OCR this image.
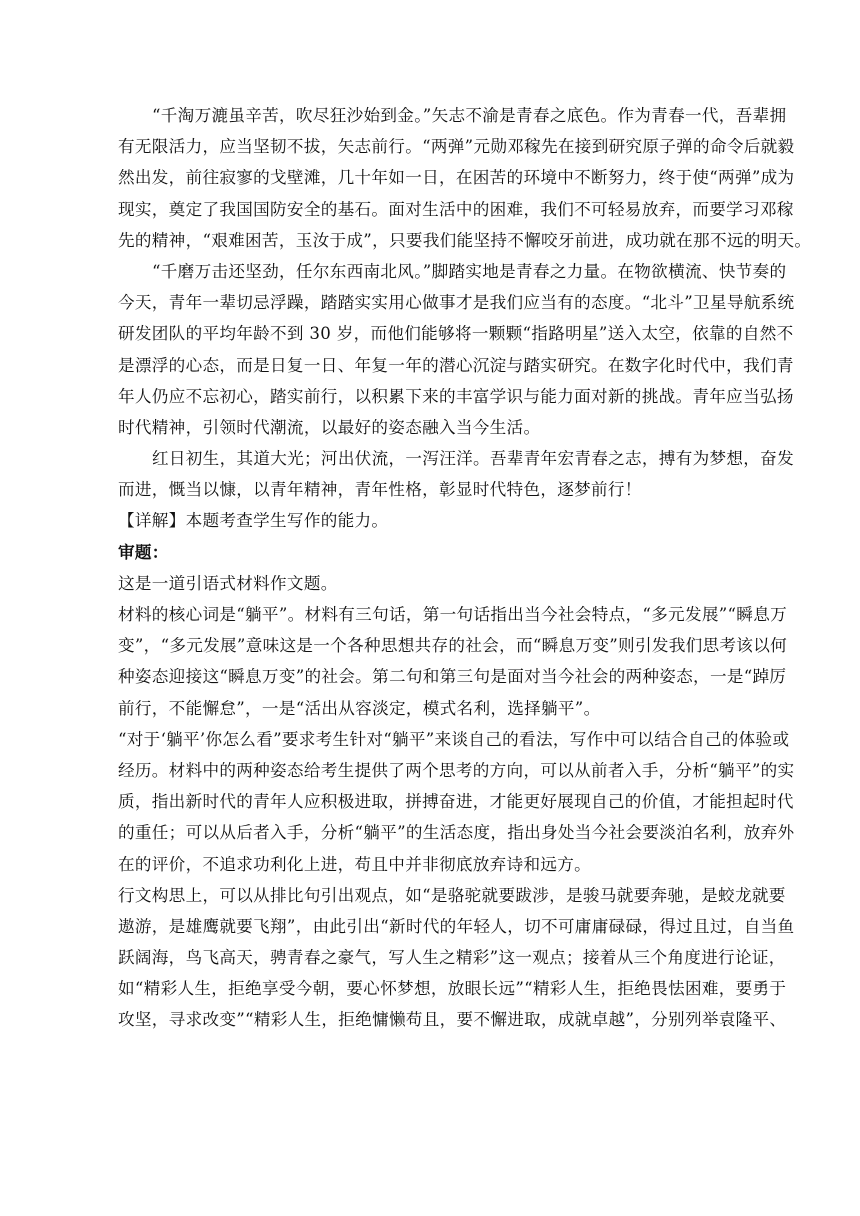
“千淘万漉虽辛苦，吹尽狂沙始到金。”矢志不渝是青春之底色。作为青春一代，吾辈拥
有无限活力，应当坚韧不拔，矢志前行。“两弹”元勋邓稼先在接到研究原子弹的命令后就毅
然出发，前往寂寥的戈壁滩，几十年如一日，在困苦的环境中不断努力，终于使“两弹”成为
现实，奠定了我国国防安全的基石。面对生活中的困难，我们不可轻易放弃，而要学习邓稼
先的精神，“艰难困苦，玉汝于成”，只要我们能坚持不懈咬牙前进，成功就在那不远的明天。
“千磨万击还坚劲，任尔东西南北风。”脚踏实地是青春之力量。在物欲横流、快节奏的
今天，青年一辈切忌浮躁，踏踏实实用心做事才是我们应当有的态度。“北斗”卫星导航系统
研发团队的平均年龄不到 30 岁，而他们能够将一颗颗“指路明星”送入太空，依靠的自然不
是漂浮的心态，而是日复一日、年复一年的潜心沉淀与踏实研究。在数字化时代中，我们青
年人仍应不忘初心，踏实前行，以积累下来的丰富学识与能力面对新的挑战。青年应当弘扬
时代精神，引领时代潮流，以最好的姿态融入当今生活。
红日初生，其道大光；河出伏流，一泻汪洋。吾辈青年宏青春之志，搏有为梦想，奋发
而进，慨当以慷，以青年精神，青年性格，彰显时代特色，逐梦前行！
【详解】本题考查学生写作的能力。
审题：
这是一道引语式材料作文题。
材料的核心词是“躺平”。材料有三句话，第一句话指出当今社会特点，“多元发展”“瞬息万
变”，“多元发展”意味这是一个各种思想共存的社会，而“瞬息万变”则引发我们思考该以何
种姿态迎接这“瞬息万变”的社会。第二句和第三句是面对当今社会的两种姿态，一是“踔厉
前行，不能懈怠”，一是“活出从容淡定，模式名利，选择躺平”。
“对于‘躺平’你怎么看”要求考生针对“躺平”来谈自己的看法，写作中可以结合自己的体验或
经历。材料中的两种姿态给考生提供了两个思考的方向，可以从前者入手，分析“躺平”的实
质，指出新时代的青年人应积极进取，拼搏奋进，才能更好展现自己的价值，才能担起时代
的重任；可以从后者入手，分析“躺平”的生活态度，指出身处当今社会要淡泊名利，放弃外
在的评价，不追求功利化上进，苟且中并非彻底放弃诗和远方。
行文构思上，可以从排比句引出观点，如“是骆驼就要跋涉，是骏马就要奔驰，是蛟龙就要
遨游，是雄鹰就要飞翔”，由此引出“新时代的年轻人，切不可庸庸碌碌，得过且过，自当鱼
跃阔海，鸟飞高天，骋青春之豪气，写人生之精彩”这一观点；接着从三个角度进行论证，
如“精彩人生，拒绝享受今朝，要心怀梦想，放眼长远”“精彩人生，拒绝畏怯困难，要勇于
攻坚，寻求改变”“精彩人生，拒绝慵懒苟且，要不懈进取，成就卓越”，分别列举袁隆平、
